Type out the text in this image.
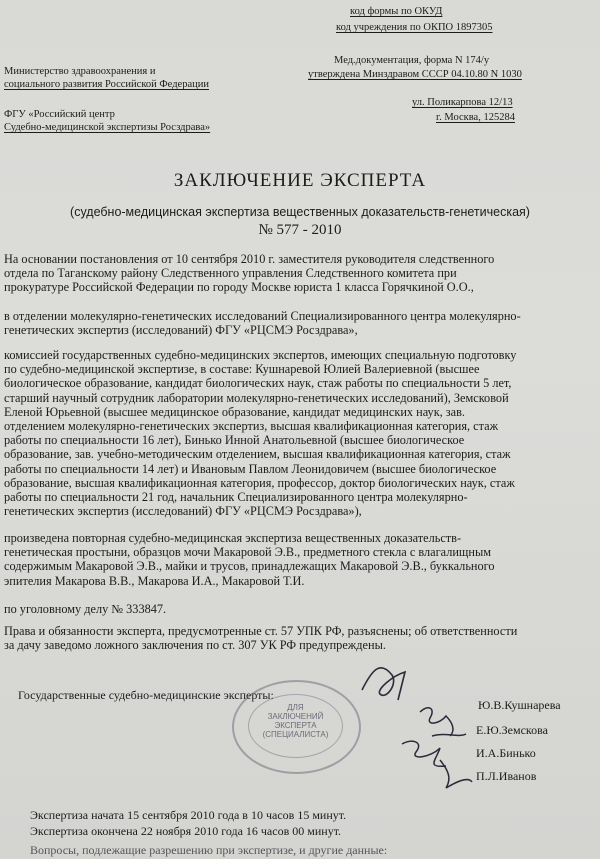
код формы по ОКУД
код учреждения по ОКПО 1897305
Министерство здравоохранения и
социального развития Российской Федерации
Мед.документация, форма N 174/у
утверждена Минздравом СССР 04.10.80 N 1030
ФГУ «Российский центр
Судебно-медицинской экспертизы Росздрава»
ул. Поликарпова 12/13
г. Москва, 125284
ЗАКЛЮЧЕНИЕ ЭКСПЕРТА
(судебно-медицинская экспертиза вещественных доказательств-генетическая)
№ 577 - 2010
На основании постановления от 10 сентября 2010 г. заместителя руководителя следственного
отдела по Таганскому району Следственного управления Следственного комитета при
прокуратуре Российской Федерации по городу Москве юриста 1 класса Горячкиной О.О.,
в отделении молекулярно-генетических исследований Специализированного центра молекулярно-
генетических экспертиз (исследований) ФГУ «РЦСМЭ Росздрава»,
комиссией государственных судебно-медицинских экспертов, имеющих специальную подготовку
по судебно-медицинской экспертизе, в составе: Кушнаревой Юлией Валериевной (высшее
биологическое образование, кандидат биологических наук, стаж работы по специальности 5 лет,
старший научный сотрудник лаборатории молекулярно-генетических исследований), Земсковой
Еленой Юрьевной (высшее медицинское образование, кандидат медицинских наук, зав.
отделением молекулярно-генетических экспертиз, высшая квалификационная категория, стаж
работы по специальности 16 лет), Бинько Инной Анатольевной (высшее биологическое
образование, зав. учебно-методическим отделением, высшая квалификационная категория, стаж
работы по специальности 14 лет) и Ивановым Павлом Леонидовичем (высшее биологическое
образование, высшая квалификационная категория, профессор, доктор биологических наук, стаж
работы по специальности 21 год, начальник Специализированного центра молекулярно-
генетических экспертиз (исследований) ФГУ «РЦСМЭ Росздрава»),
произведена повторная судебно-медицинская экспертиза вещественных доказательств-
генетическая простыни, образцов мочи Макаровой Э.В., предметного стекла с влагалищным
содержимым Макаровой Э.В., майки и трусов, принадлежащих Макаровой Э.В., буккального
эпителия Макарова В.В., Макарова И.А., Макаровой Т.И.
по уголовному делу № 333847.
Права и обязанности эксперта, предусмотренные ст. 57 УПК РФ, разъяснены; об ответственности
за дачу заведомо ложного заключения по ст. 307 УК РФ предупреждены.
Государственные судебно-медицинские эксперты:
ДЛЯ
ЗАКЛЮЧЕНИЙ
ЭКСПЕРТА
(СПЕЦИАЛИСТА)
Ю.В.Кушнарева
Е.Ю.Земскова
И.А.Бинько
П.Л.Иванов
Экспертиза начата 15 сентября 2010 года в 10 часов 15 минут.
Экспертиза окончена 22 ноября 2010 года 16 часов 00 минут.
Вопросы, подлежащие разрешению при экспертизе, и другие данные:
